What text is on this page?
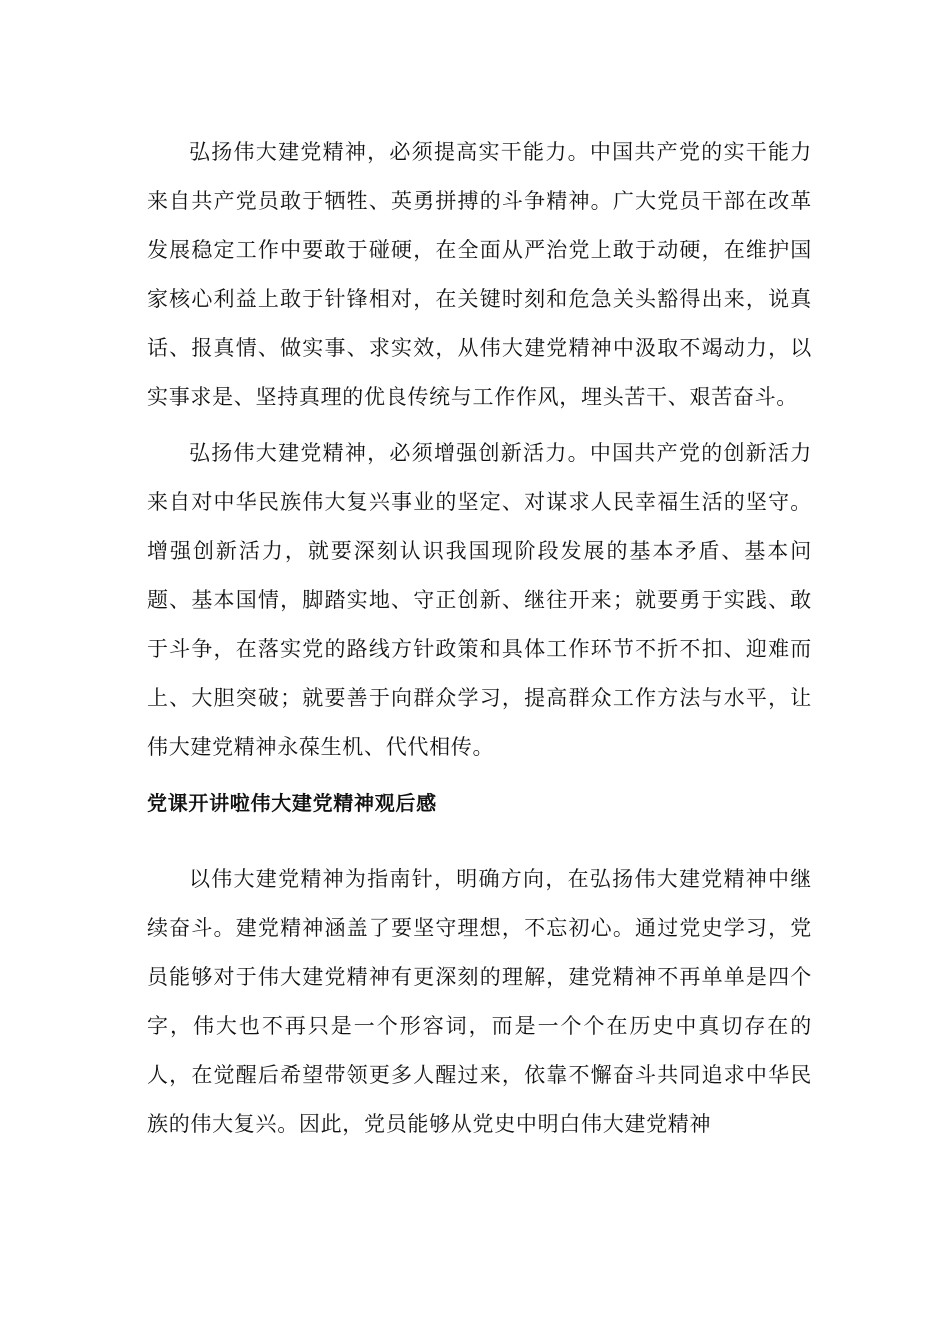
弘扬伟大建党精神，必须提高实干能力。中国共产党的实干能力来自共产党员敢于牺牲、英勇拼搏的斗争精神。广大党员干部在改革发展稳定工作中要敢于碰硬，在全面从严治党上敢于动硬，在维护国家核心利益上敢于针锋相对，在关键时刻和危急关头豁得出来，说真话、报真情、做实事、求实效，从伟大建党精神中汲取不竭动力，以实事求是、坚持真理的优良传统与工作作风，埋头苦干、艰苦奋斗。

弘扬伟大建党精神，必须增强创新活力。中国共产党的创新活力来自对中华民族伟大复兴事业的坚定、对谋求人民幸福生活的坚守。增强创新活力，就要深刻认识我国现阶段发展的基本矛盾、基本问题、基本国情，脚踏实地、守正创新、继往开来；就要勇于实践、敢于斗争，在落实党的路线方针政策和具体工作环节不折不扣、迎难而上、大胆突破；就要善于向群众学习，提高群众工作方法与水平，让伟大建党精神永葆生机、代代相传。

党课开讲啦伟大建党精神观后感

以伟大建党精神为指南针，明确方向，在弘扬伟大建党精神中继续奋斗。建党精神涵盖了要坚守理想，不忘初心。通过党史学习，党员能够对于伟大建党精神有更深刻的理解，建党精神不再单单是四个字，伟大也不再只是一个形容词，而是一个个在历史中真切存在的人，在觉醒后希望带领更多人醒过来，依靠不懈奋斗共同追求中华民族的伟大复兴。因此，党员能够从党史中明白伟大建党精神
